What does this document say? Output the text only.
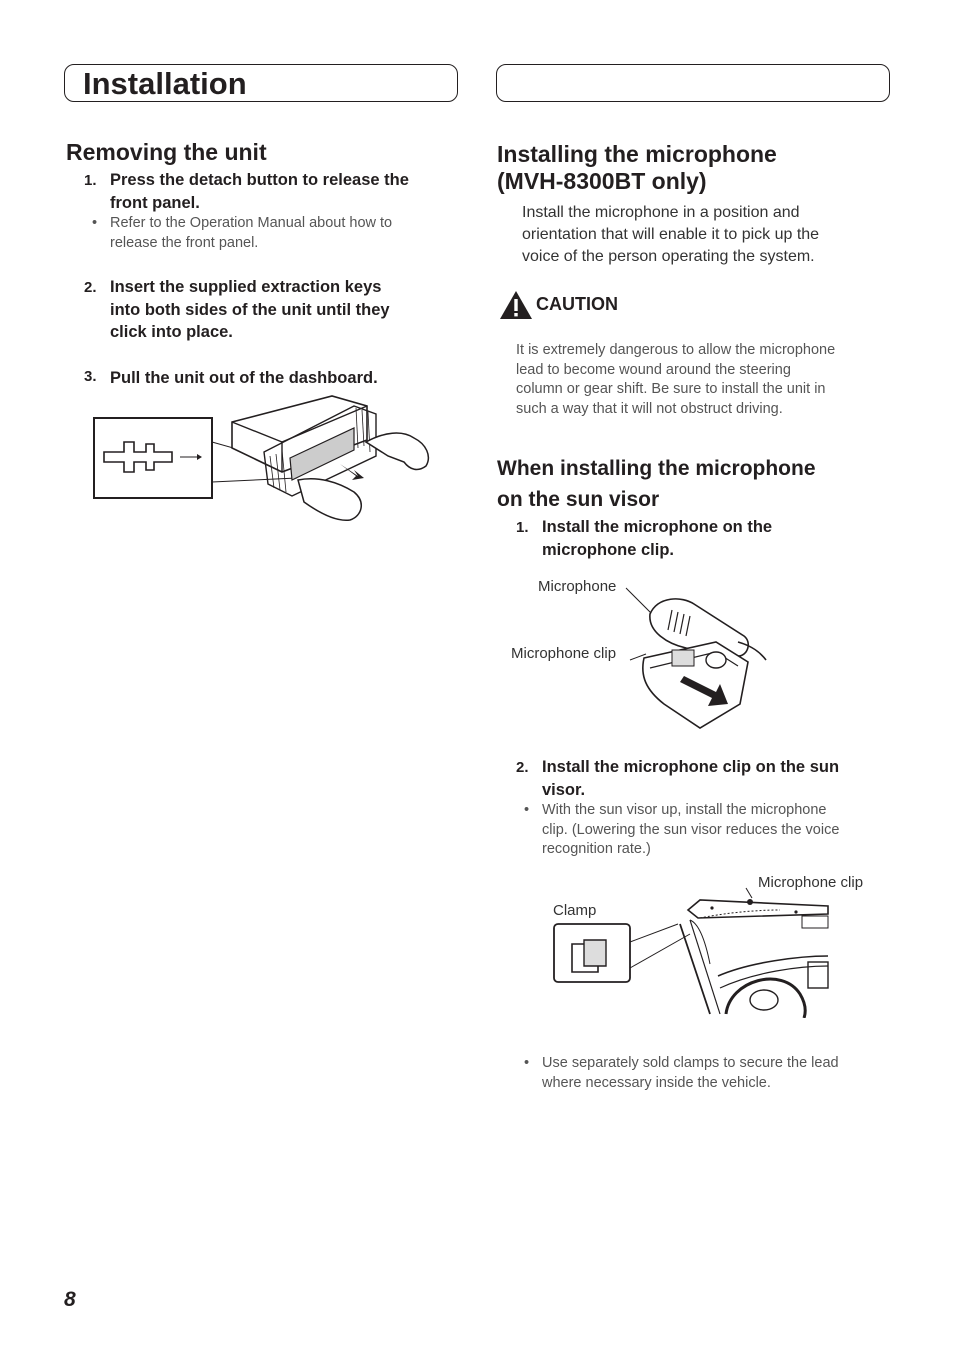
Installation
Removing the unit
1. Press the detach button to release the
front panel.
• Refer to the Operation Manual about how to
release the front panel.
2. Insert the supplied extraction keys
into both sides of the unit until they
click into place.
3. Pull the unit out of the dashboard.
Installing the microphone
(MVH-8300BT only)
Install the microphone in a position and
orientation that will enable it to pick up the
voice of the person operating the system.
CAUTION
It is extremely dangerous to allow the microphone
lead to become wound around the steering
column or gear shift. Be sure to install the unit in
such a way that it will not obstruct driving.
When installing the microphone
on the sun visor
1. Install the microphone on the
microphone clip.
Microphone
Microphone clip
2. Install the microphone clip on the sun
visor.
• With the sun visor up, install the microphone
clip. (Lowering the sun visor reduces the voice
recognition rate.)
Microphone clip
Clamp
• Use separately sold clamps to secure the lead
where necessary inside the vehicle.
8
